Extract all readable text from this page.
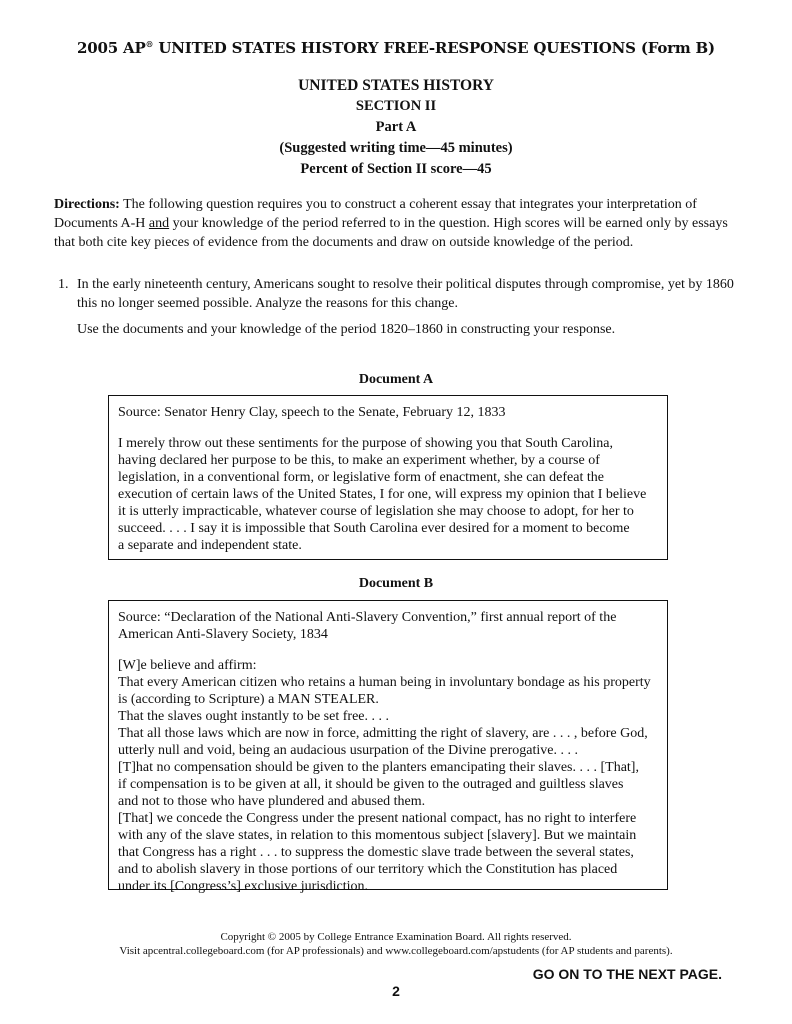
2005 AP® UNITED STATES HISTORY FREE-RESPONSE QUESTIONS (Form B)
UNITED STATES HISTORY
SECTION II
Part A
(Suggested writing time—45 minutes)
Percent of Section II score—45
Directions: The following question requires you to construct a coherent essay that integrates your interpretation of Documents A-H and your knowledge of the period referred to in the question. High scores will be earned only by essays that both cite key pieces of evidence from the documents and draw on outside knowledge of the period.
1. In the early nineteenth century, Americans sought to resolve their political disputes through compromise, yet by 1860 this no longer seemed possible. Analyze the reasons for this change.
Use the documents and your knowledge of the period 1820–1860 in constructing your response.
Document A
Source: Senator Henry Clay, speech to the Senate, February 12, 1833
I merely throw out these sentiments for the purpose of showing you that South Carolina,
having declared her purpose to be this, to make an experiment whether, by a course of
legislation, in a conventional form, or legislative form of enactment, she can defeat the
execution of certain laws of the United States, I for one, will express my opinion that I believe
it is utterly impracticable, whatever course of legislation she may choose to adopt, for her to
succeed. . . . I say it is impossible that South Carolina ever desired for a moment to become
a separate and independent state.
Document B
Source: “Declaration of the National Anti-Slavery Convention,” first annual report of the
American Anti-Slavery Society, 1834
[W]e believe and affirm:
That every American citizen who retains a human being in involuntary bondage as his property
is (according to Scripture) a MAN STEALER.
That the slaves ought instantly to be set free. . . .
That all those laws which are now in force, admitting the right of slavery, are . . . , before God,
utterly null and void, being an audacious usurpation of the Divine prerogative. . . .
[T]hat no compensation should be given to the planters emancipating their slaves. . . . [That],
if compensation is to be given at all, it should be given to the outraged and guiltless slaves
and not to those who have plundered and abused them.
[That] we concede the Congress under the present national compact, has no right to interfere
with any of the slave states, in relation to this momentous subject [slavery]. But we maintain
that Congress has a right . . . to suppress the domestic slave trade between the several states,
and to abolish slavery in those portions of our territory which the Constitution has placed
under its [Congress’s] exclusive jurisdiction.
Copyright © 2005 by College Entrance Examination Board. All rights reserved.
Visit apcentral.collegeboard.com (for AP professionals) and www.collegeboard.com/apstudents (for AP students and parents).
GO ON TO THE NEXT PAGE.
2
